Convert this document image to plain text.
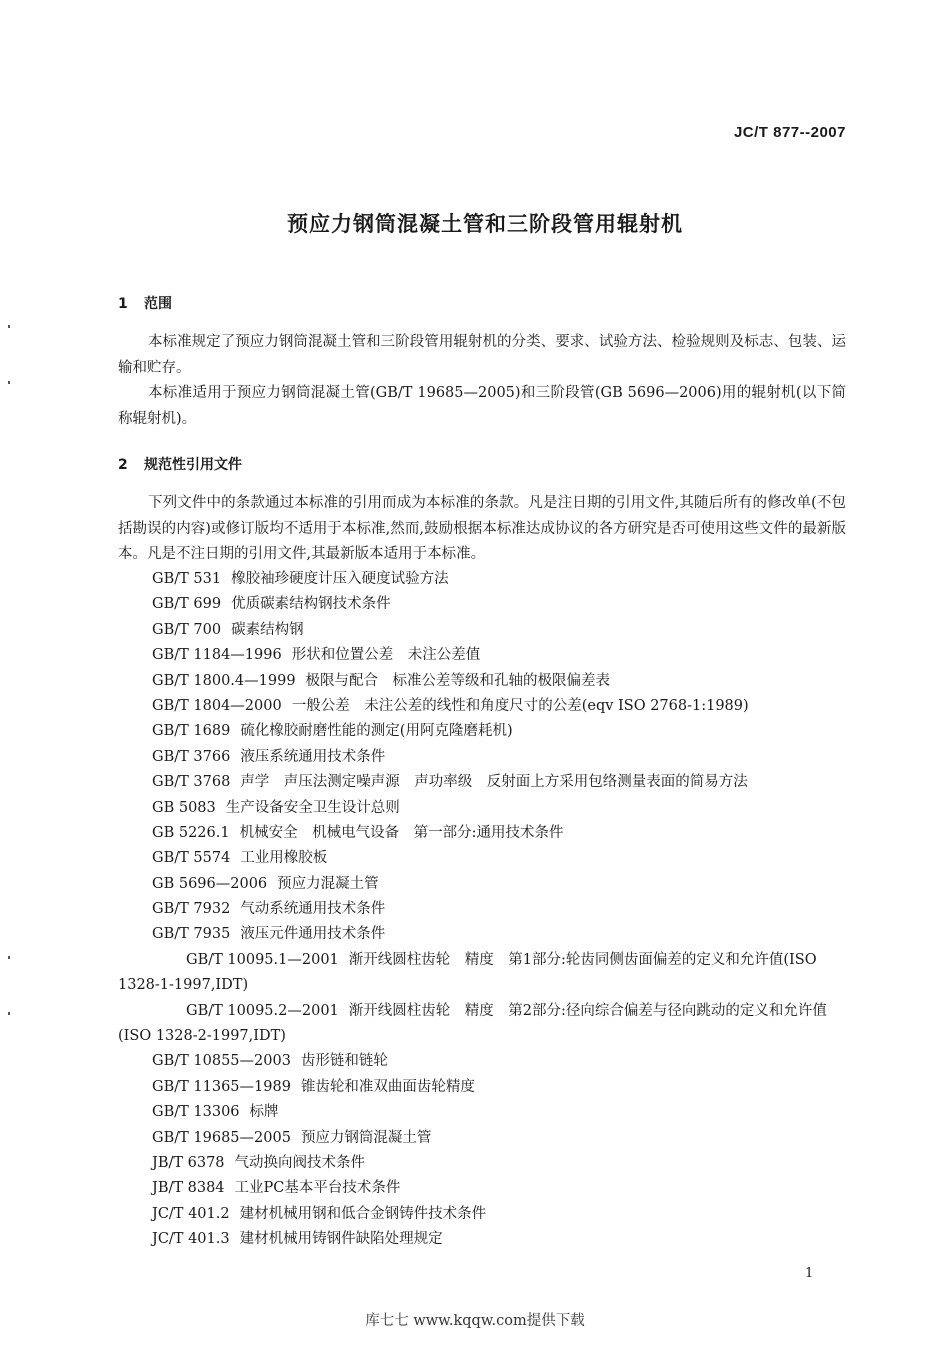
JC/T 877--2007
预应力钢筒混凝土管和三阶段管用辊射机
1 范围
本标准规定了预应力钢筒混凝土管和三阶段管用辊射机的分类、要求、试验方法、检验规则及标志、包装、运输和贮存。
本标准适用于预应力钢筒混凝土管(GB/T 19685—2005)和三阶段管(GB 5696—2006)用的辊射机(以下简称辊射机)。
2 规范性引用文件
下列文件中的条款通过本标准的引用而成为本标准的条款。凡是注日期的引用文件,其随后所有的修改单(不包括勘误的内容)或修订版均不适用于本标准,然而,鼓励根据本标准达成协议的各方研究是否可使用这些文件的最新版本。凡是不注日期的引用文件,其最新版本适用于本标准。
GB/T 531 橡胶袖珍硬度计压入硬度试验方法
GB/T 699 优质碳素结构钢技术条件
GB/T 700 碳素结构钢
GB/T 1184—1996 形状和位置公差　未注公差值
GB/T 1800.4—1999 极限与配合　标准公差等级和孔轴的极限偏差表
GB/T 1804—2000 一般公差　未注公差的线性和角度尺寸的公差(eqv ISO 2768-1:1989)
GB/T 1689 硫化橡胶耐磨性能的测定(用阿克隆磨耗机)
GB/T 3766 液压系统通用技术条件
GB/T 3768 声学　声压法测定噪声源　声功率级　反射面上方采用包络测量表面的简易方法
GB 5083 生产设备安全卫生设计总则
GB 5226.1 机械安全　机械电气设备　第一部分:通用技术条件
GB/T 5574 工业用橡胶板
GB 5696—2006 预应力混凝土管
GB/T 7932 气动系统通用技术条件
GB/T 7935 液压元件通用技术条件
GB/T 10095.1—2001 渐开线圆柱齿轮　精度　第1部分:轮齿同侧齿面偏差的定义和允许值(ISO 1328-1-1997,IDT)
GB/T 10095.2—2001 渐开线圆柱齿轮　精度　第2部分:径向综合偏差与径向跳动的定义和允许值(ISO 1328-2-1997,IDT)
GB/T 10855—2003 齿形链和链轮
GB/T 11365—1989 锥齿轮和准双曲面齿轮精度
GB/T 13306 标牌
GB/T 19685—2005 预应力钢筒混凝土管
JB/T 6378 气动换向阀技术条件
JB/T 8384 工业PC基本平台技术条件
JC/T 401.2 建材机械用钢和低合金钢铸件技术条件
JC/T 401.3 建材机械用铸钢件缺陷处理规定
1
库七七 www.kqqw.com提供下载
